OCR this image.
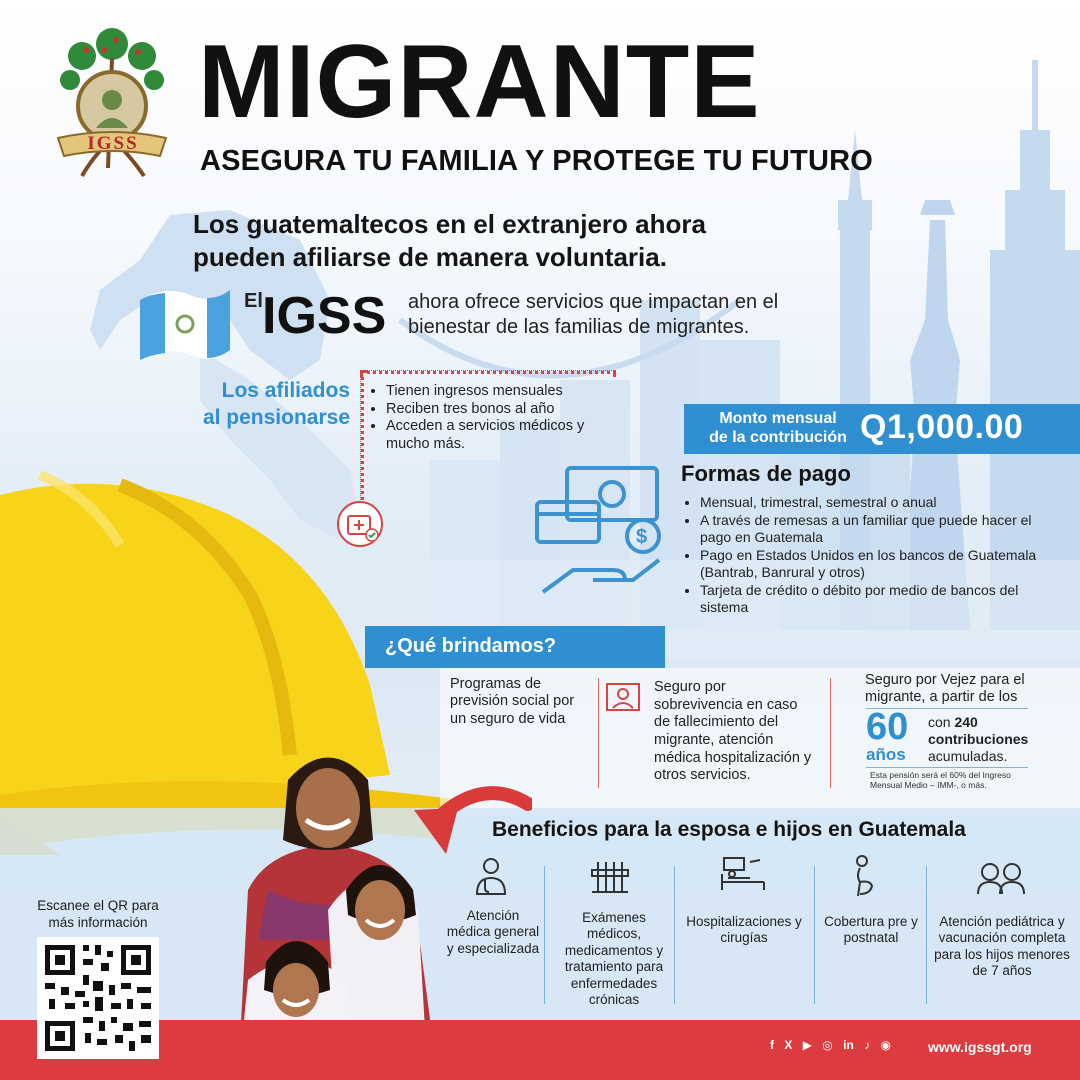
IGSS
MIGRANTE
ASEGURA TU FAMILIA Y PROTEGE TU FUTURO
Los guatemaltecos en el extranjero ahora
pueden afiliarse de manera voluntaria.
El IGSS ahora ofrece servicios que impactan en el bienestar de las familias de migrantes.
Los afiliados
al pensionarse
• Tienen ingresos mensuales
• Reciben tres bonos al año
• Acceden a servicios médicos y mucho más.
Monto mensual
de la contribución Q1,000.00
$
Formas de pago
• Mensual, trimestral, semestral o anual
• A través de remesas a un familiar que puede hacer el pago en Guatemala
• Pago en Estados Unidos en los bancos de Guatemala (Bantrab, Banrural y otros)
• Tarjeta de crédito o débito por medio de bancos del sistema
¿Qué brindamos?
Programas de previsión social por un seguro de vida
Seguro por sobrevivencia en caso de fallecimiento del migrante, atención médica hospitalización y otros servicios.
Seguro por Vejez para el migrante, a partir de los
60
años
con 240
contribuciones
acumuladas.
Esta pensión será el 60% del Ingreso Mensual Medio – IMM-, o más.
Beneficios para la esposa e hijos en Guatemala
Atención médica general y especializada
Exámenes médicos, medicamentos y tratamiento para enfermedades crónicas
Hospitalizaciones y cirugías
Cobertura pre y postnatal
Atención pediátrica y vacunación completa para los hijos menores de 7 años
f X ▶ ◎ in ♪ ◉	www.igssgt.org
Escanee el QR para más información
